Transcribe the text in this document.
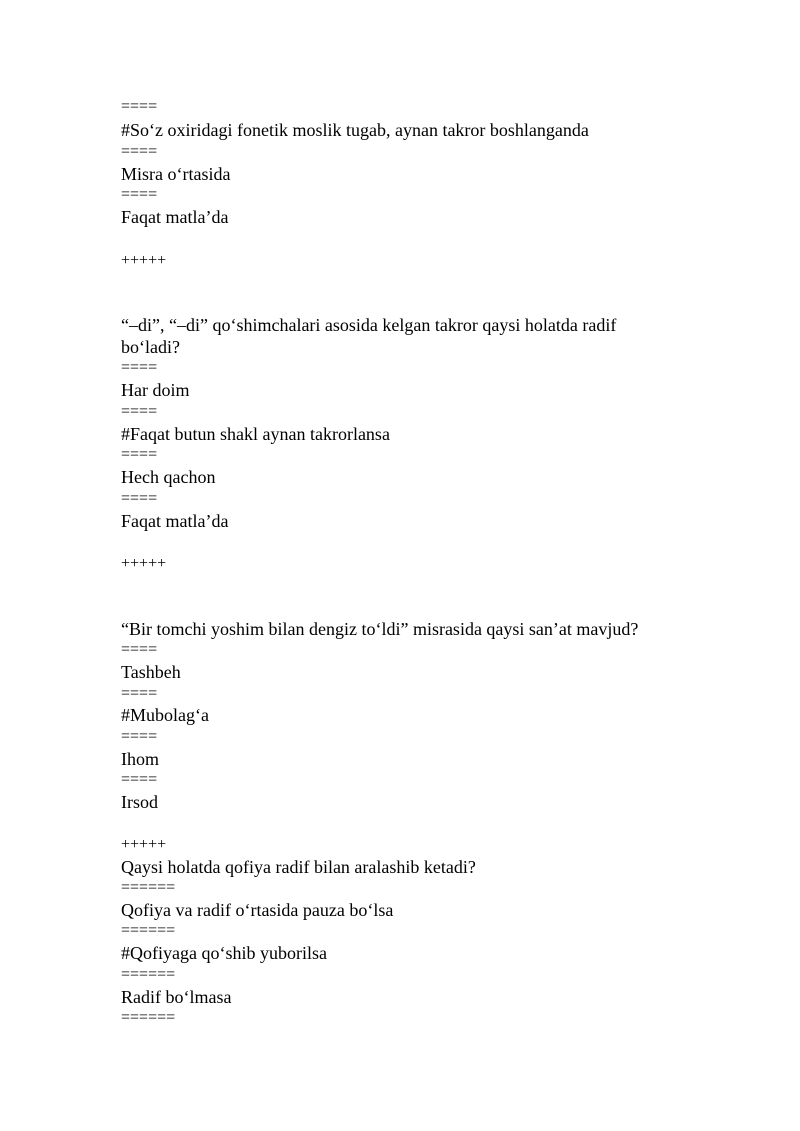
====
#So‘z oxiridagi fonetik moslik tugab, aynan takror boshlanganda
====
Misra o‘rtasida
====
Faqat matla’da
+++++
“–di”, “–di” qo‘shimchalari asosida kelgan takror qaysi holatda radif bo‘ladi?
====
Har doim
====
#Faqat butun shakl aynan takrorlansa
====
Hech qachon
====
Faqat matla’da
+++++
“Bir tomchi yoshim bilan dengiz to‘ldi” misrasida qaysi san’at mavjud?
====
Tashbeh
====
#Mubolag‘a
====
Ihom
====
Irsod
+++++
Qaysi holatda qofiya radif bilan aralashib ketadi?
======
Qofiya va radif o‘rtasida pauza bo‘lsa
======
#Qofiyaga qo‘shib yuborilsa
======
Radif bo‘lmasa
======
